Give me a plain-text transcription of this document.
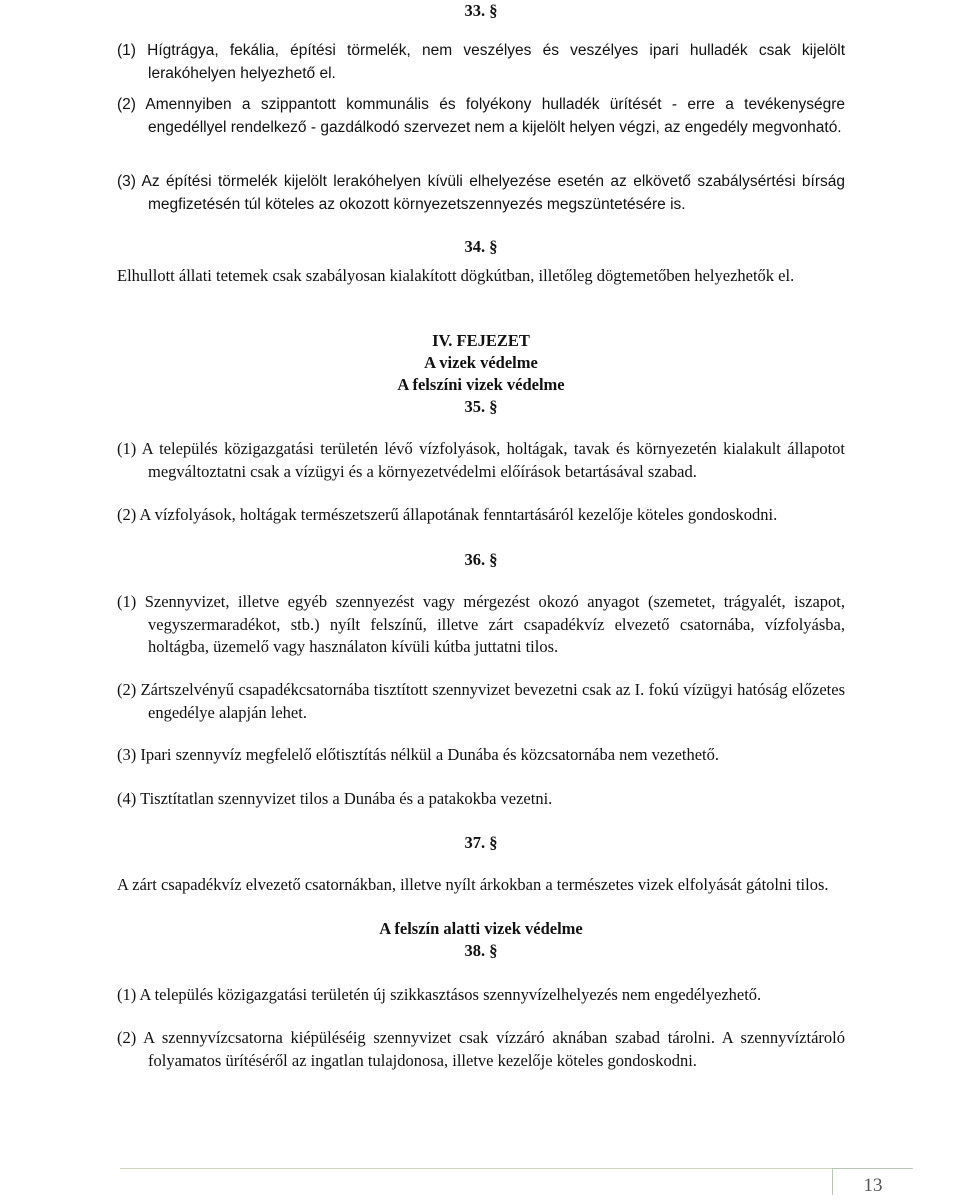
33. §

(1) Hígtrágya, fekália, építési törmelék, nem veszélyes és veszélyes ipari hulladék csak kijelölt lerakóhelyen helyezhető el.

(2) Amennyiben a szippantott kommunális és folyékony hulladék ürítését - erre a tevékenységre engedéllyel rendelkező - gazdálkodó szervezet nem a kijelölt helyen végzi, az engedély megvonható.

(3) Az építési törmelék kijelölt lerakóhelyen kívüli elhelyezése esetén az elkövető szabálysértési bírság megfizetésén túl köteles az okozott környezetszennyezés megszüntetésére is.

34. §

Elhullott állati tetemek csak szabályosan kialakított dögkútban, illetőleg dögtemetőben helyezhetők el.

IV. FEJEZET

A vizek védelme

A felszíni vizek védelme

35. §

(1) A település közigazgatási területén lévő vízfolyások, holtágak, tavak és környezetén kialakult állapotot megváltoztatni csak a vízügyi és a környezetvédelmi előírások betartásával szabad.

(2) A vízfolyások, holtágak természetszerű állapotának fenntartásáról kezelője köteles gondoskodni.

36. §

(1) Szennyvizet, illetve egyéb szennyezést vagy mérgezést okozó anyagot (szemetet, trágyalét, iszapot, vegyszermaradékot, stb.) nyílt felszínű, illetve zárt csapadékvíz elvezető csatornába, vízfolyásba, holtágba, üzemelő vagy használaton kívüli kútba juttatni tilos.

(2) Zártszelvényű csapadékcsatornába tisztított szennyvizet bevezetni csak az I. fokú vízügyi hatóság előzetes engedélye alapján lehet.

(3) Ipari szennyvíz megfelelő előtisztítás nélkül a Dunába és közcsatornába nem vezethető.

(4) Tisztítatlan szennyvizet tilos a Dunába és a patakokba vezetni.

37. §

A zárt csapadékvíz elvezető csatornákban, illetve nyílt árkokban a természetes vizek elfolyását gátolni tilos.

A felszín alatti vizek védelme

38. §

(1) A település közigazgatási területén új szikkasztásos szennyvízelhelyezés nem engedélyezhető.

(2) A szennyvízcsatorna kiépüléséig szennyvizet csak vízzáró aknában szabad tárolni. A szennyvíztároló folyamatos ürítéséről az ingatlan tulajdonosa, illetve kezelője köteles gondoskodni.

13
